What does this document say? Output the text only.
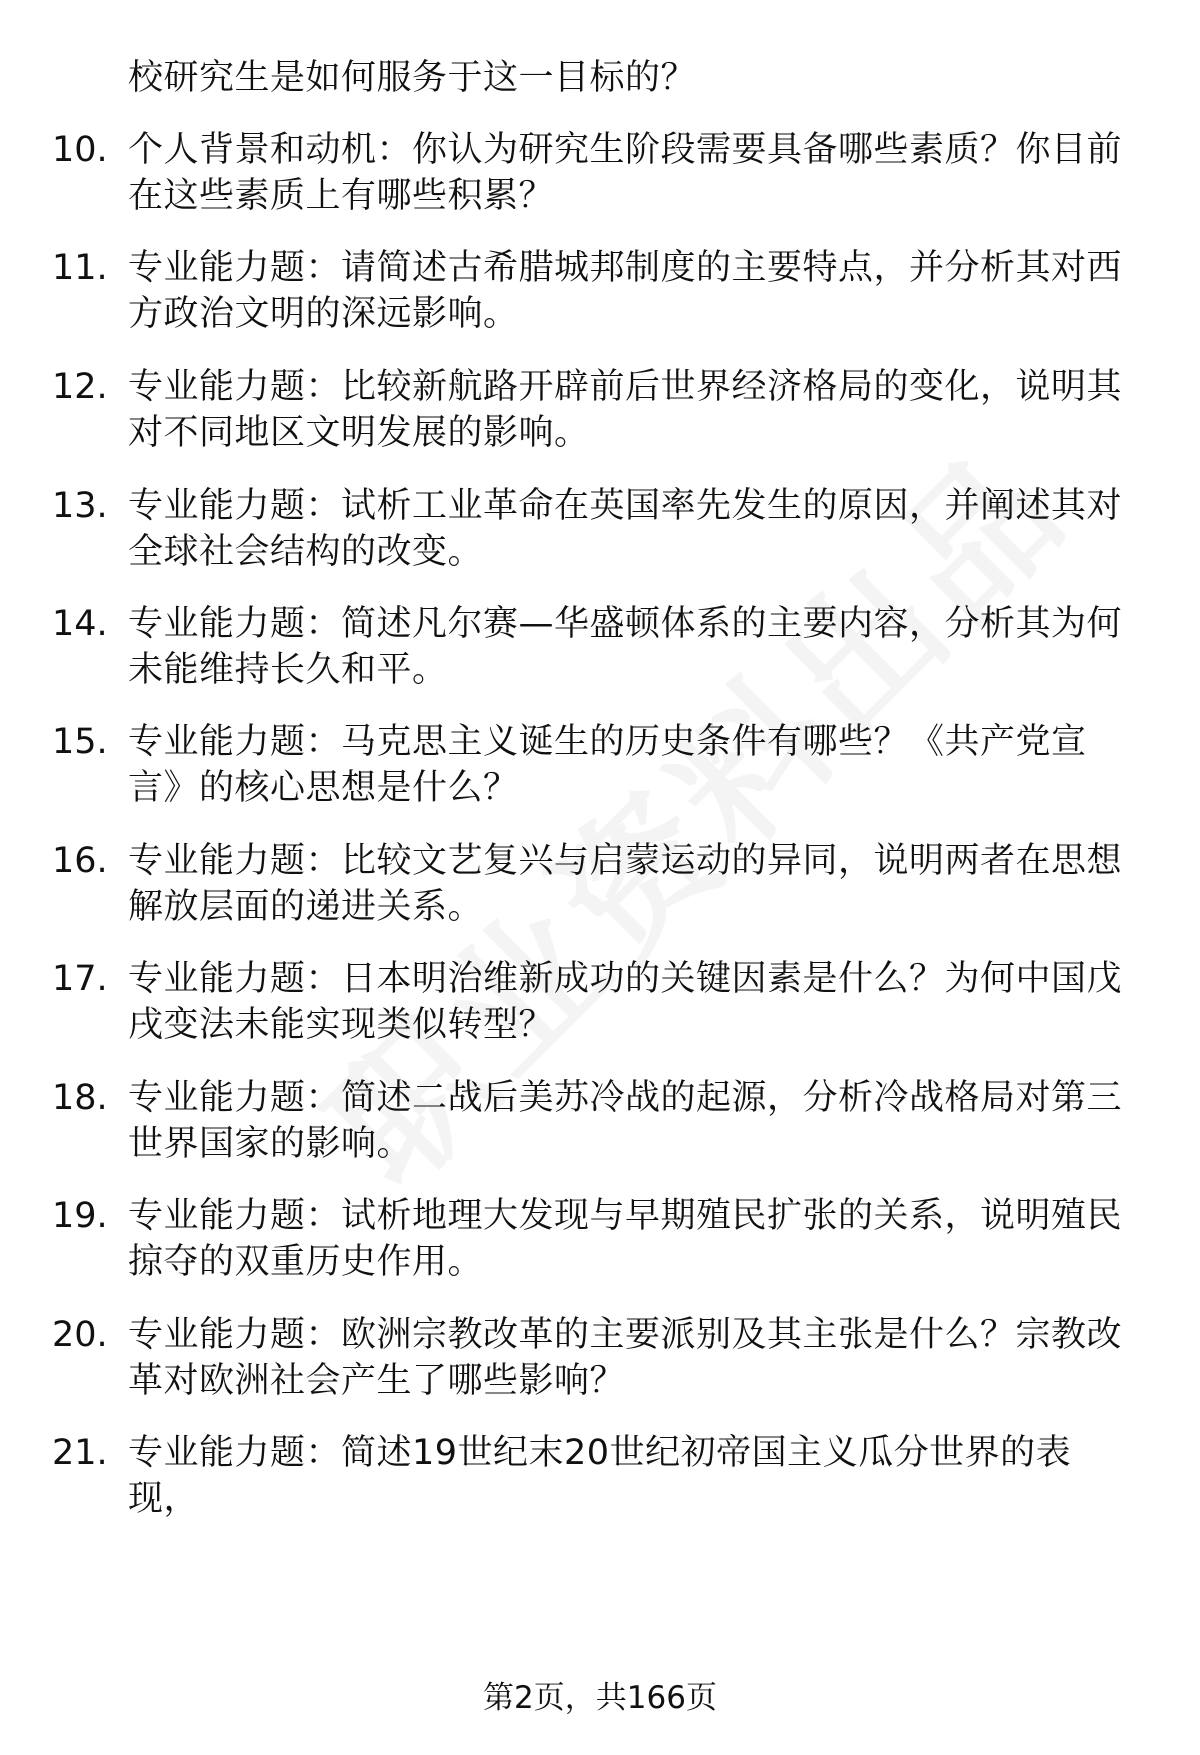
校研究生是如何服务于这一目标的？
10. 个人背景和动机：你认为研究生阶段需要具备哪些素质？你目前在这些素质上有哪些积累？
11. 专业能力题：请简述古希腊城邦制度的主要特点，并分析其对西方政治文明的深远影响。
12. 专业能力题：比较新航路开辟前后世界经济格局的变化，说明其对不同地区文明发展的影响。
13. 专业能力题：试析工业革命在英国率先发生的原因，并阐述其对全球社会结构的改变。
14. 专业能力题：简述凡尔赛—华盛顿体系的主要内容，分析其为何未能维持长久和平。
15. 专业能力题：马克思主义诞生的历史条件有哪些？《共产党宣言》的核心思想是什么？
16. 专业能力题：比较文艺复兴与启蒙运动的异同，说明两者在思想解放层面的递进关系。
17. 专业能力题：日本明治维新成功的关键因素是什么？为何中国戊戌变法未能实现类似转型？
18. 专业能力题：简述二战后美苏冷战的起源，分析冷战格局对第三世界国家的影响。
19. 专业能力题：试析地理大发现与早期殖民扩张的关系，说明殖民掠夺的双重历史作用。
20. 专业能力题：欧洲宗教改革的主要派别及其主张是什么？宗教改革对欧洲社会产生了哪些影响？
21. 专业能力题：简述19世纪末20世纪初帝国主义瓜分世界的表现，
第2页，共166页
